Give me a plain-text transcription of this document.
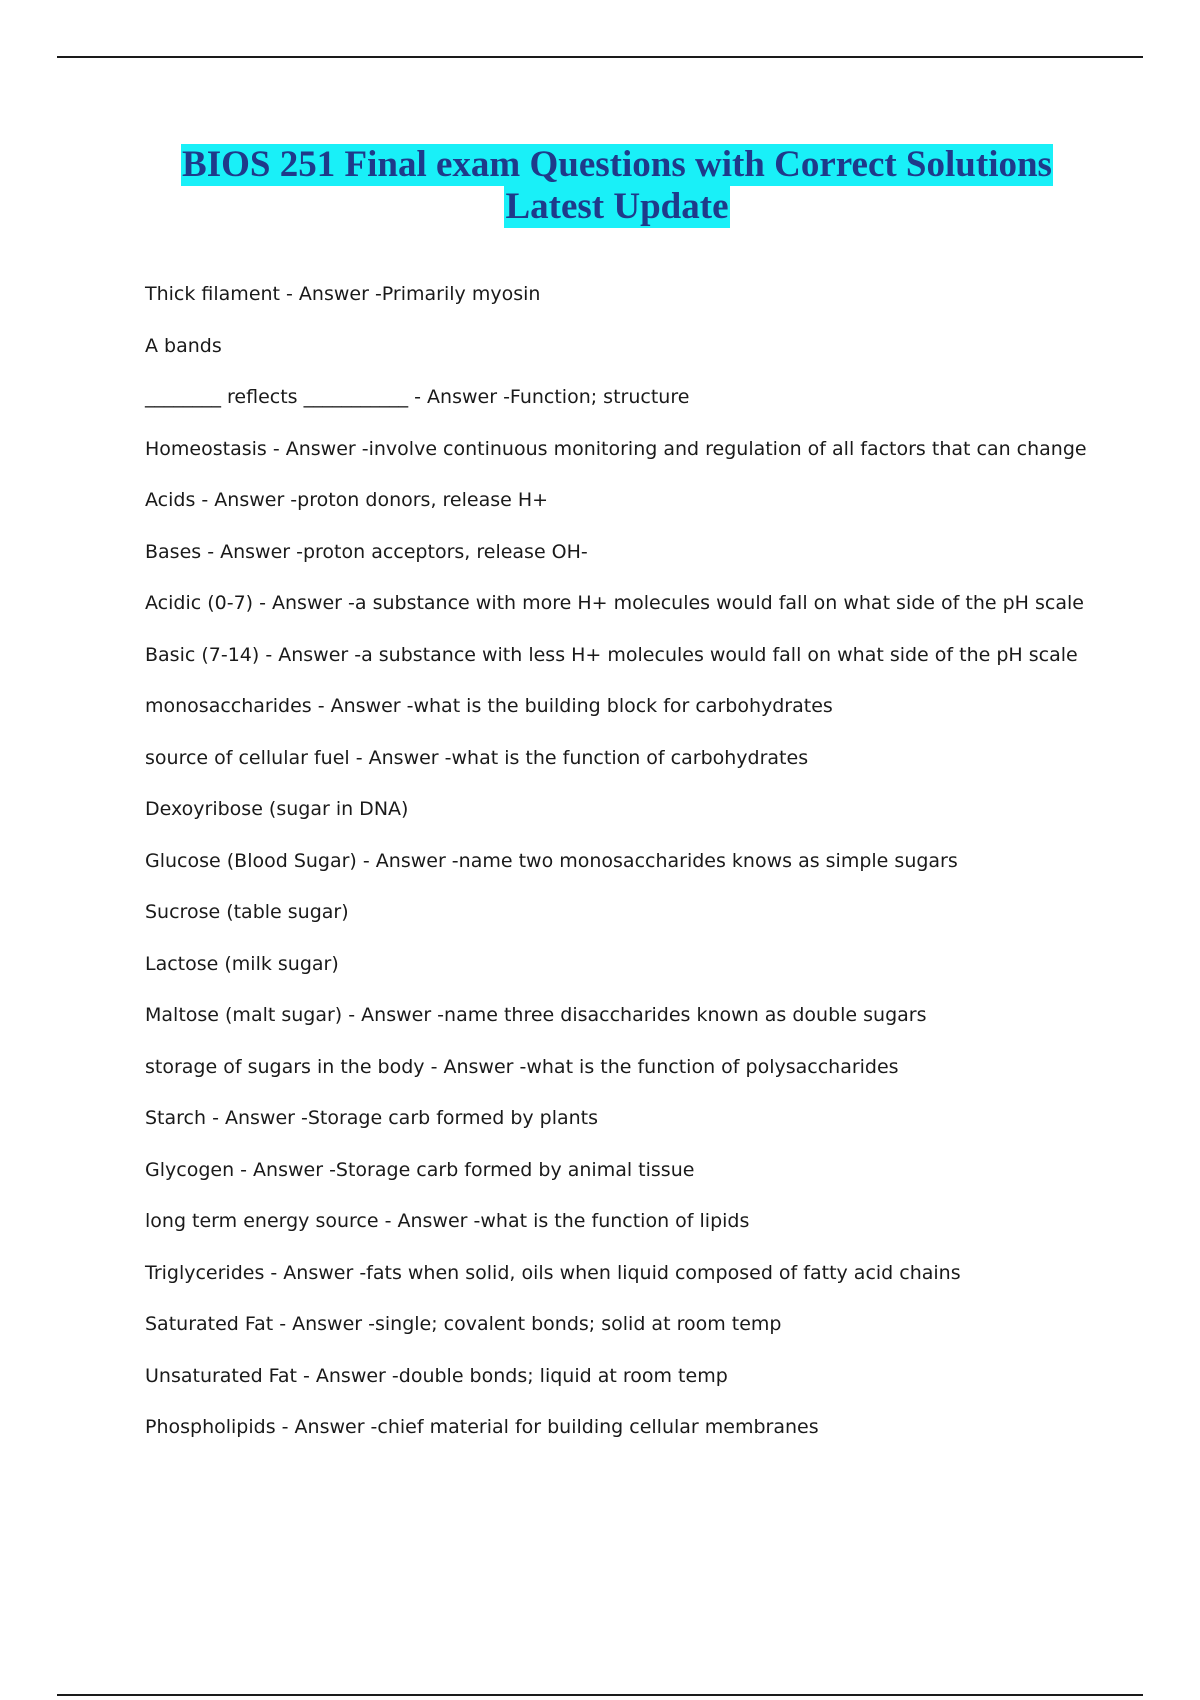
BIOS 251 Final exam Questions with Correct Solutions
Latest Update
Thick filament - Answer -Primarily myosin
A bands
________ reflects ___________ - Answer -Function; structure
Homeostasis - Answer -involve continuous monitoring and regulation of all factors that can change
Acids - Answer -proton donors, release H+
Bases - Answer -proton acceptors, release OH-
Acidic (0-7) - Answer -a substance with more H+ molecules would fall on what side of the pH scale
Basic (7-14) - Answer -a substance with less H+ molecules would fall on what side of the pH scale
monosaccharides - Answer -what is the building block for carbohydrates
source of cellular fuel - Answer -what is the function of carbohydrates
Dexoyribose (sugar in DNA)
Glucose (Blood Sugar) - Answer -name two monosaccharides knows as simple sugars
Sucrose (table sugar)
Lactose (milk sugar)
Maltose (malt sugar) - Answer -name three disaccharides known as double sugars
storage of sugars in the body - Answer -what is the function of polysaccharides
Starch - Answer -Storage carb formed by plants
Glycogen - Answer -Storage carb formed by animal tissue
long term energy source - Answer -what is the function of lipids
Triglycerides - Answer -fats when solid, oils when liquid composed of fatty acid chains
Saturated Fat - Answer -single; covalent bonds; solid at room temp
Unsaturated Fat - Answer -double bonds; liquid at room temp
Phospholipids - Answer -chief material for building cellular membranes
